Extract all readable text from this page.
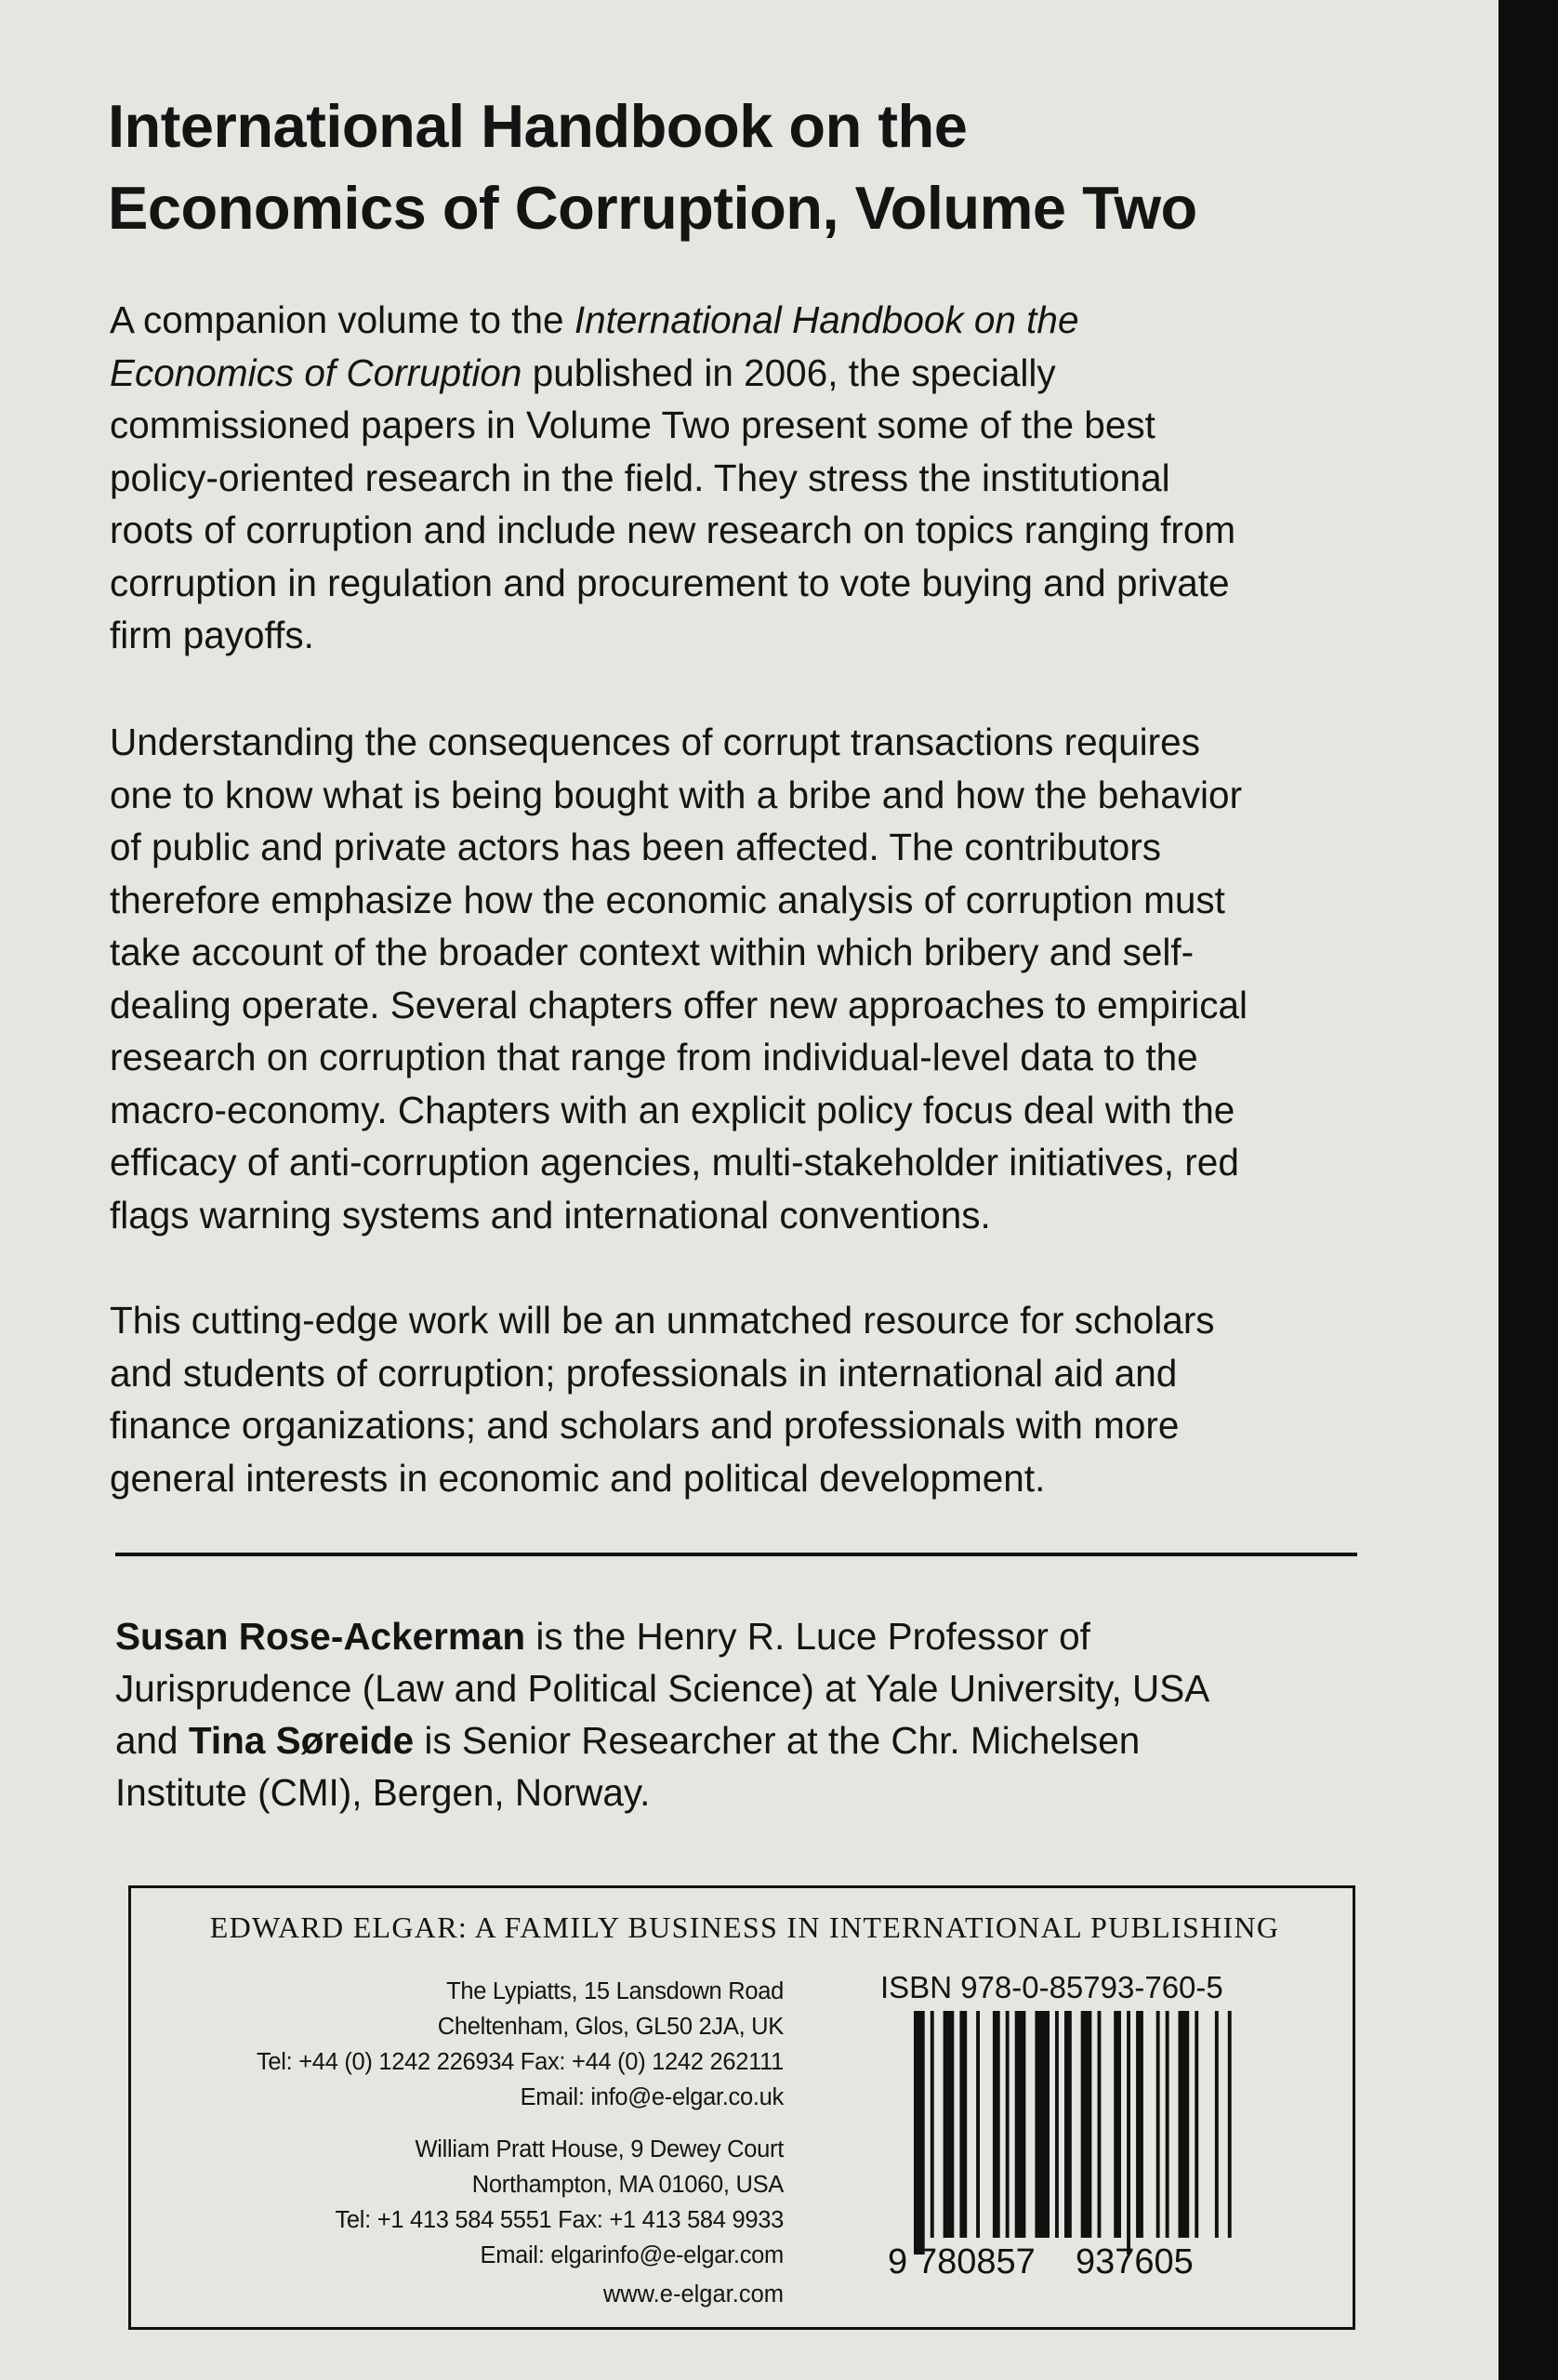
International Handbook on the
Economics of Corruption, Volume Two
A companion volume to the International Handbook on the
Economics of Corruption published in 2006, the specially
commissioned papers in Volume Two present some of the best
policy-oriented research in the field. They stress the institutional
roots of corruption and include new research on topics ranging from
corruption in regulation and procurement to vote buying and private
firm payoffs.
Understanding the consequences of corrupt transactions requires
one to know what is being bought with a bribe and how the behavior
of public and private actors has been affected. The contributors
therefore emphasize how the economic analysis of corruption must
take account of the broader context within which bribery and self-
dealing operate. Several chapters offer new approaches to empirical
research on corruption that range from individual-level data to the
macro-economy. Chapters with an explicit policy focus deal with the
efficacy of anti-corruption agencies, multi-stakeholder initiatives, red
flags warning systems and international conventions.
This cutting-edge work will be an unmatched resource for scholars
and students of corruption; professionals in international aid and
finance organizations; and scholars and professionals with more
general interests in economic and political development.
Susan Rose-Ackerman is the Henry R. Luce Professor of
Jurisprudence (Law and Political Science) at Yale University, USA
and Tina Søreide is Senior Researcher at the Chr. Michelsen
Institute (CMI), Bergen, Norway.
EDWARD ELGAR: A FAMILY BUSINESS IN INTERNATIONAL PUBLISHING
The Lypiatts, 15 Lansdown Road
Cheltenham, Glos, GL50 2JA, UK
Tel: +44 (0) 1242 226934 Fax: +44 (0) 1242 262111
Email: info@e-elgar.co.uk
William Pratt House, 9 Dewey Court
Northampton, MA 01060, USA
Tel: +1 413 584 5551 Fax: +1 413 584 9933
Email: elgarinfo@e-elgar.com
www.e-elgar.com
ISBN 978-0-85793-760-5
9 780857 937605
